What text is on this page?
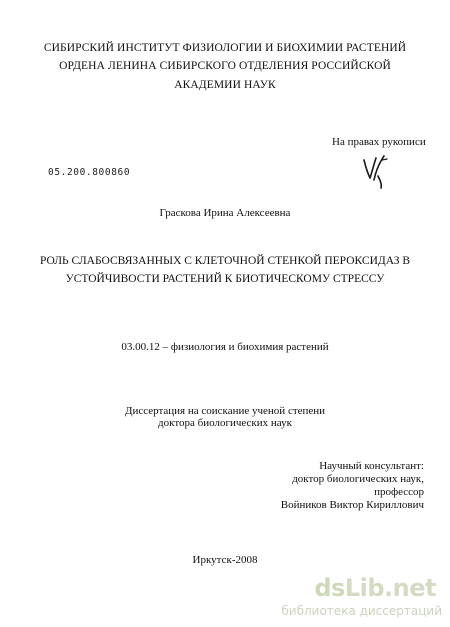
СИБИРСКИЙ ИНСТИТУТ ФИЗИОЛОГИИ И БИОХИМИИ РАСТЕНИЙ
ОРДЕНА ЛЕНИНА СИБИРСКОГО ОТДЕЛЕНИЯ РОССИЙСКОЙ
АКАДЕМИИ НАУК
На правах рукописи
05.200.800860
Граскова Ирина Алексеевна
РОЛЬ СЛАБОСВЯЗАННЫХ С КЛЕТОЧНОЙ СТЕНКОЙ ПЕРОКСИДАЗ В
УСТОЙЧИВОСТИ РАСТЕНИЙ К БИОТИЧЕСКОМУ СТРЕССУ
03.00.12 – физиология и биохимия растений
Диссертация на соискание ученой степени
доктора биологических наук
Научный консультант:
доктор биологических наук,
профессор
Войников Виктор Кириллович
Иркутск-2008
dsLib.net
библиотека диссертаций
